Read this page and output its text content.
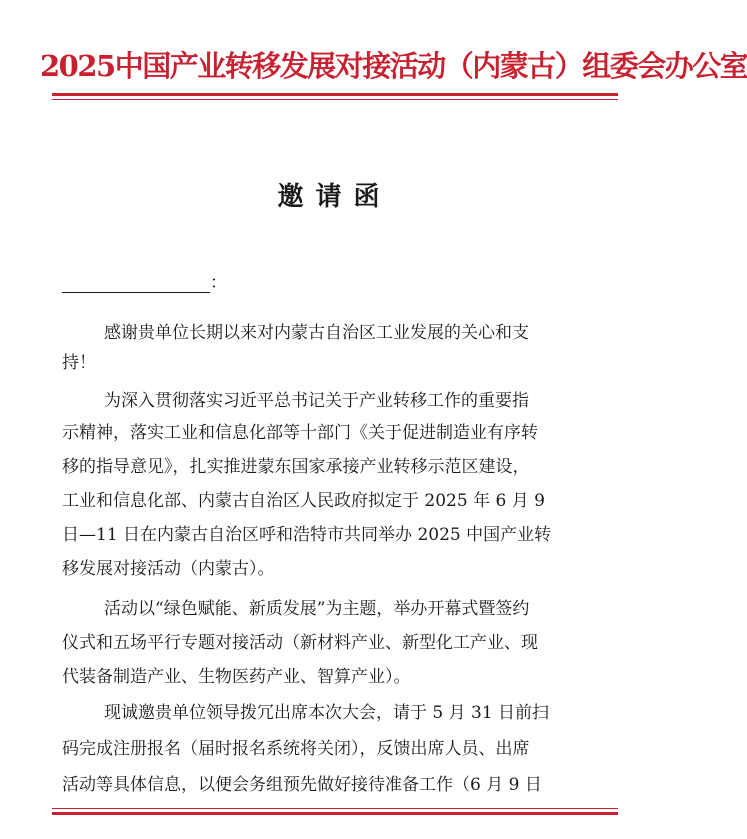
2025中国产业转移发展对接活动（内蒙古）组委会办公室
邀请函
：
感谢贵单位长期以来对内蒙古自治区工业发展的关心和支
持！
为深入贯彻落实习近平总书记关于产业转移工作的重要指
示精神，落实工业和信息化部等十部门《关于促进制造业有序转
移的指导意见》，扎实推进蒙东国家承接产业转移示范区建设，
工业和信息化部、内蒙古自治区人民政府拟定于 2025 年 6 月 9
日—11 日在内蒙古自治区呼和浩特市共同举办 2025 中国产业转
移发展对接活动（内蒙古）。
活动以“绿色赋能、新质发展”为主题，举办开幕式暨签约
仪式和五场平行专题对接活动（新材料产业、新型化工产业、现
代装备制造产业、生物医药产业、智算产业）。
现诚邀贵单位领导拨冗出席本次大会，请于 5 月 31 日前扫
码完成注册报名（届时报名系统将关闭），反馈出席人员、出席
活动等具体信息，以便会务组预先做好接待准备工作（6 月 9 日
